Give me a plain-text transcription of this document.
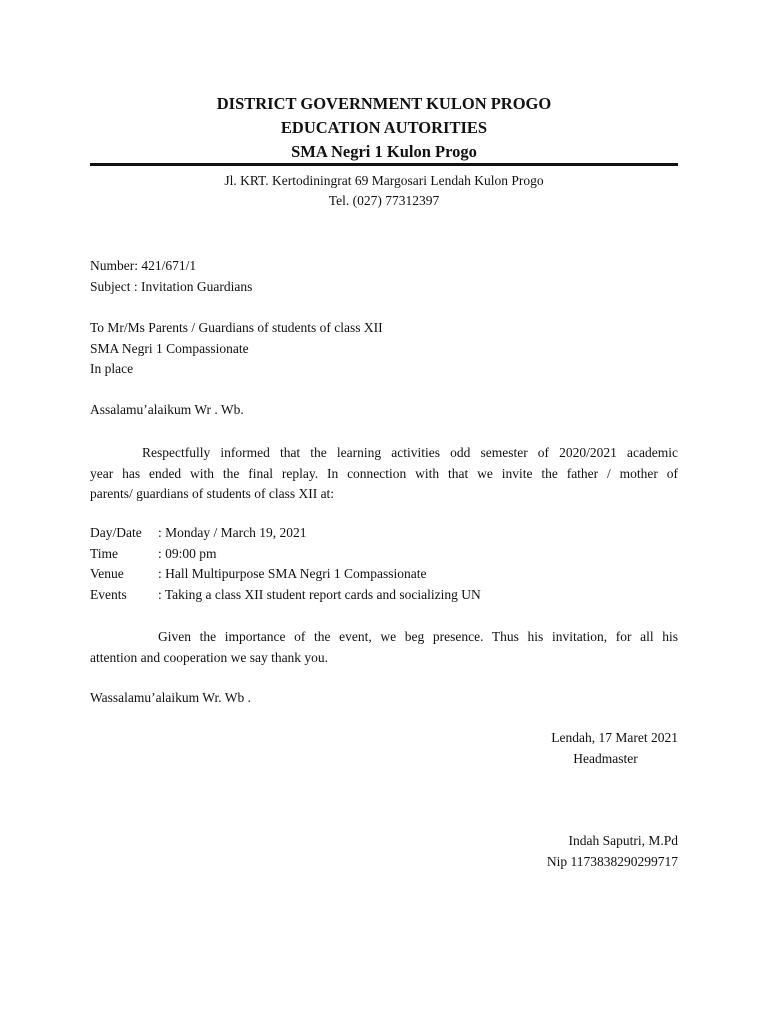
DISTRICT GOVERNMENT KULON PROGO
EDUCATION AUTORITIES
SMA Negri 1 Kulon Progo
Jl. KRT. Kertodiningrat 69 Margosari Lendah Kulon Progo
Tel. (027) 77312397
Number: 421/671/1
Subject : Invitation Guardians
To Mr/Ms Parents / Guardians of students of class XII
SMA Negri 1 Compassionate
In place
Assalamu’alaikum Wr . Wb.
Respectfully informed that the learning activities odd semester of 2020/2021 academic
year has ended with the final replay. In connection with that we invite the father / mother of
parents/ guardians of students of class XII at:
Day/Date : Monday / March 19, 2021
Time	: 09:00 pm
Venue	: Hall Multipurpose SMA Negri 1 Compassionate
Events : Taking a class XII student report cards and socializing UN
Given the importance of the event, we beg presence. Thus his invitation, for all his
attention and cooperation we say thank you.
Wassalamu’alaikum Wr. Wb .
Lendah, 17 Maret 2021
Headmaster
Indah Saputri, M.Pd
Nip 1173838290299717
